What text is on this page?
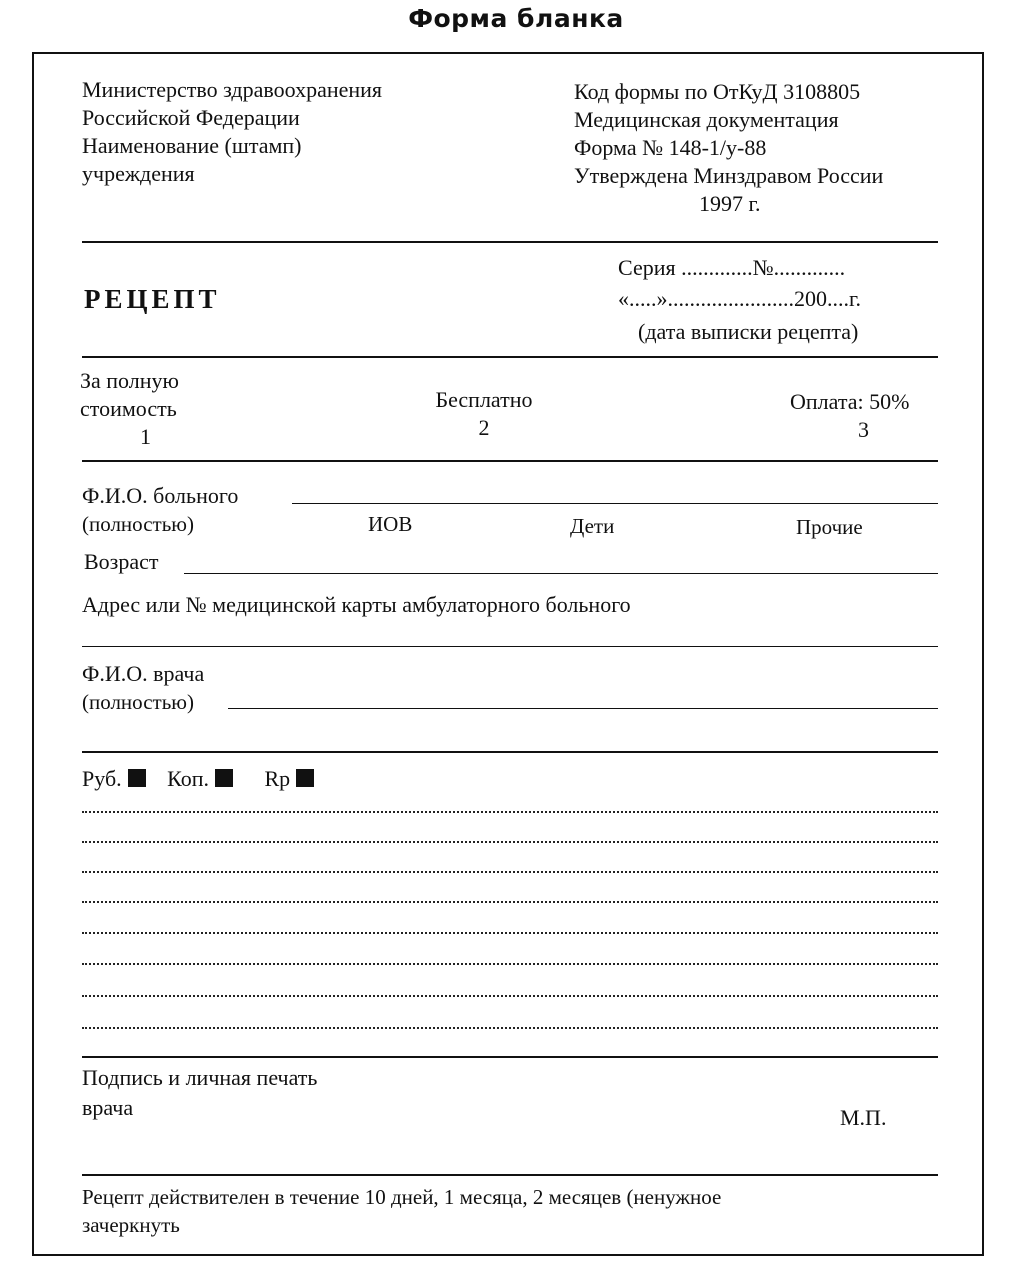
Форма бланка
Министерство здравоохранения
Российской Федерации
Наименование (штамп)
учреждения
Код формы по ОтКуД 3108805
Медицинская документация
Форма № 148-1/у-88
Утверждена Минздравом России
1997 г.
РЕЦЕПТ
Серия .............№.............
«.....».......................200....г.
(дата выписки рецепта)
За полную
стоимость
1
Бесплатно
2
Оплата: 50%
3
Ф.И.О. больного
(полностью)	ИОВ	Дети	Прочие
Возраст
Адрес или № медицинской карты амбулаторного больного
Ф.И.О. врача
(полностью)
Руб. Коп.	Rp
Подпись и личная печать
врача	М.П.
Рецепт действителен в течение 10 дней, 1 месяца, 2 месяцев (ненужное
зачеркнуть
